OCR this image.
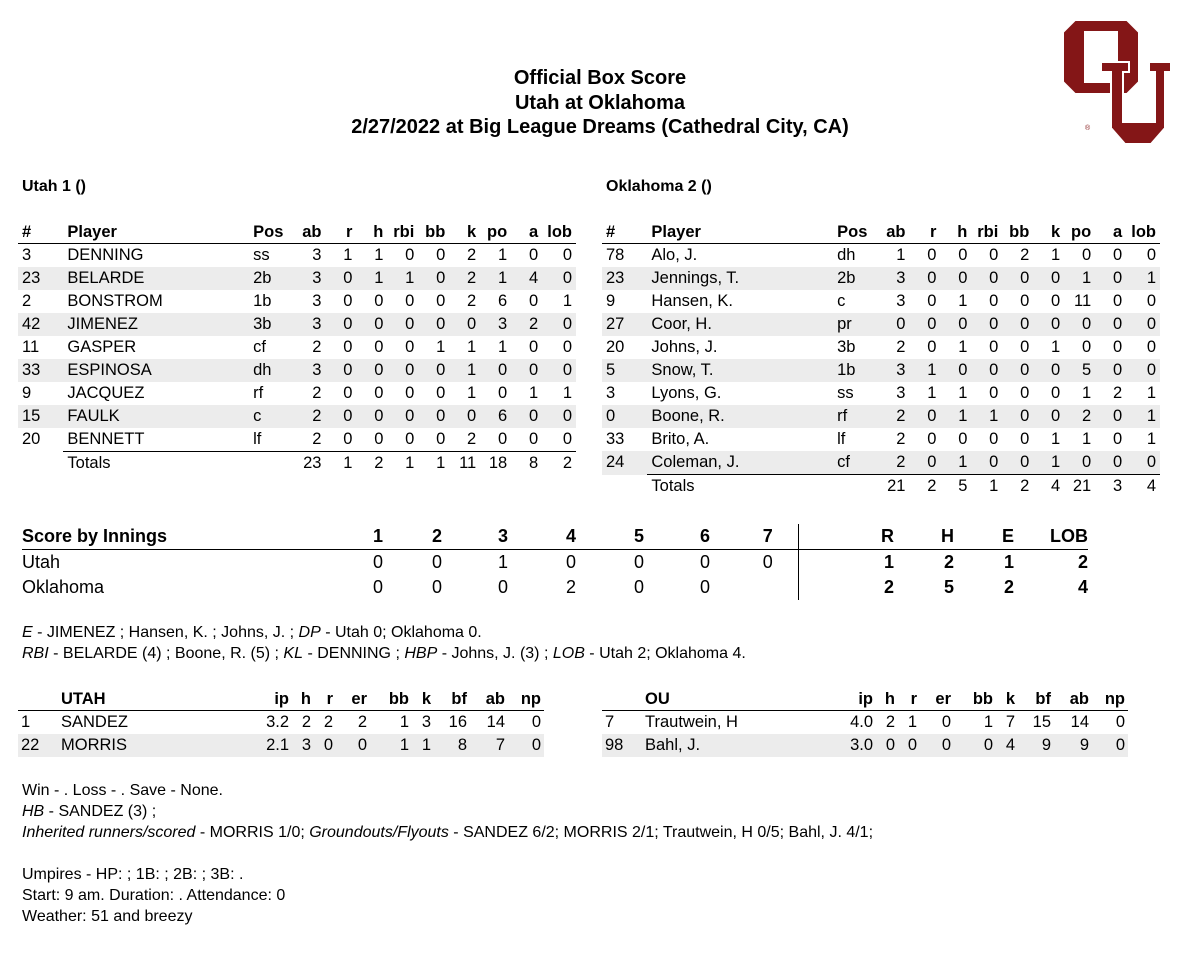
Official Box Score
Utah at Oklahoma
2/27/2022 at Big League Dreams (Cathedral City, CA)	®
Utah 1 ()	Oklahoma 2 ()
#	Player	Pos	ab	r	h	rbi	bb	k	po	a	lob
3	DENNING	ss	3	1	1	0	0	2	1	0	0
23	BELARDE	2b	3	0	1	1	0	2	1	4	0
2	BONSTROM	1b	3	0	0	0	0	2	6	0	1
42	JIMENEZ	3b	3	0	0	0	0	0	3	2	0
11	GASPER	cf	2	0	0	0	1	1	1	0	0
33	ESPINOSA	dh	3	0	0	0	0	1	0	0	0
9	JACQUEZ	rf	2	0	0	0	0	1	0	1	1
15	FAULK	c	2	0	0	0	0	0	6	0	0
20	BENNETT	lf	2	0	0	0	0	2	0	0	0
	Totals		23	1	2	1	1	11	18	8	2
#	Player	Pos	ab	r	h	rbi	bb	k	po	a	lob
78	Alo, J.	dh	1	0	0	0	2	1	0	0	0
23	Jennings, T.	2b	3	0	0	0	0	0	1	0	1
9	Hansen, K.	c	3	0	1	0	0	0	11	0	0
27	Coor, H.	pr	0	0	0	0	0	0	0	0	0
20	Johns, J.	3b	2	0	1	0	0	1	0	0	0
5	Snow, T.	1b	3	1	0	0	0	0	5	0	0
3	Lyons, G.	ss	3	1	1	0	0	0	1	2	1
0	Boone, R.	rf	2	0	1	1	0	0	2	0	1
33	Brito, A.	lf	2	0	0	0	0	1	1	0	1
24	Coleman, J.	cf	2	0	1	0	0	1	0	0	0
	Totals		21	2	5	1	2	4	21	3	4
Score by Innings	1	2	3	4	5	6	7		R	H	E	LOB
Utah	0	0	1	0	0	0	0		1	2	1	2
Oklahoma	0	0	0	2	0	0			2	5	2	4
E - JIMENEZ ; Hansen, K. ; Johns, J. ; DP - Utah 0; Oklahoma 0.
RBI - BELARDE (4) ; Boone, R. (5) ; KL - DENNING ; HBP - Johns, J. (3) ; LOB - Utah 2; Oklahoma 4.
	UTAH	ip	h	r	er	bb	k	bf	ab	np
1	SANDEZ	3.2	2	2	2	1	3	16	14	0
22	MORRIS	2.1	3	0	0	1	1	8	7	0
	OU	ip	h	r	er	bb	k	bf	ab	np
7	Trautwein, H	4.0	2	1	0	1	7	15	14	0
98	Bahl, J.	3.0	0	0	0	0	4	9	9	0
Win - . Loss - . Save - None.
HB - SANDEZ (3) ;
Inherited runners/scored - MORRIS 1/0; Groundouts/Flyouts - SANDEZ 6/2; MORRIS 2/1; Trautwein, H 0/5; Bahl, J. 4/1;
Umpires - HP: ; 1B: ; 2B: ; 3B: .
Start: 9 am. Duration: . Attendance: 0
Weather: 51 and breezy
